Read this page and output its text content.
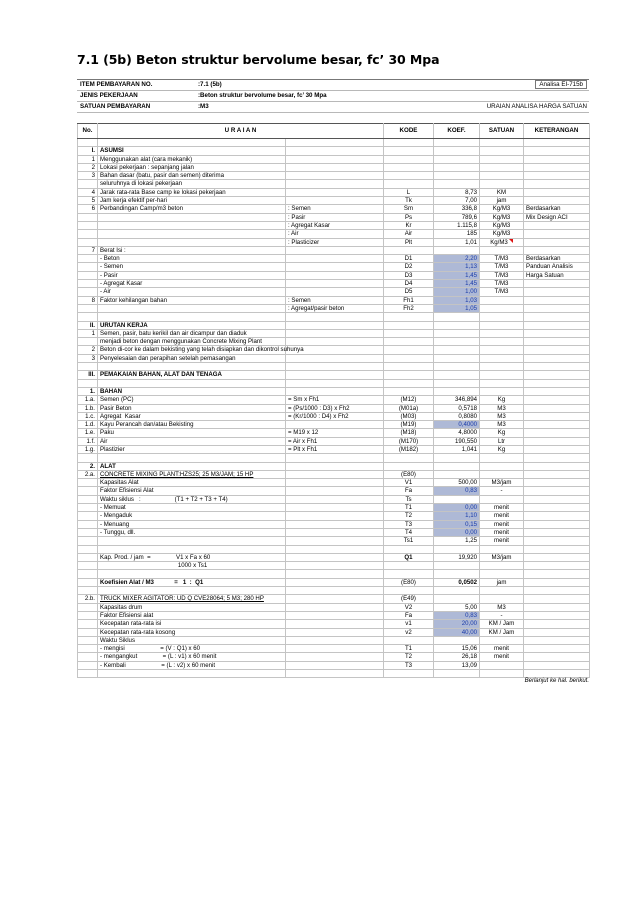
7.1 (5b) Beton struktur bervolume besar, fc’ 30 Mpa
ITEM PEMBAYARAN NO.	:7.1 (5b)	Analisa EI-715b
JENIS PEKERJAAN	:Beton struktur bervolume besar, fc’ 30 Mpa
SATUAN PEMBAYARAN	:M3	URAIAN ANALISA HARGA SATUAN
No.	U R A I A N		KODE	KOEF.	SATUAN	KETERANGAN

I.	ASUMSI					
1	Menggunakan alat (cara mekanik)					
2	Lokasi pekerjaan : sepanjang jalan					
3	Bahan dasar (batu, pasir dan semen) diterima					
	seluruhnya di lokasi pekerjaan					
4	Jarak rata-rata Base camp ke lokasi pekerjaan		L	8,73	KM	
5	Jam kerja efektif per-hari		Tk	7,00	jam	
6	Perbandingan Camp/m3 beton	: Semen	Sm	336,8	Kg/M3	Berdasarkan
		: Pasir	Ps	789,6	Kg/M3	Mix Design ACI
		: Agregat Kasar	Kr	1.115,8	Kg/M3	
		: Air	Air	185	Kg/M3	
		: Plasticizer	Plt	1,01	Kg/M3	
7	Berat Isi :					
	- Beton		D1	2,20	T/M3	Berdasarkan
	- Semen		D2	1,13	T/M3	Panduan Analisis
	- Pasir		D3	1,45	T/M3	Harga Satuan
	- Agregat Kasar		D4	1,45	T/M3	
	- Air		D5	1,00	T/M3	
8	Faktor kehilangan bahan	: Semen	Fh1	1,03		
		: Agregat/pasir beton	Fh2	1,05		

II.	URUTAN KERJA					
1	Semen, pasir, batu kerikil dan air dicampur dan diaduk					
	menjadi beton dengan menggunakan Concrete Mixing Plant					
2	Beton di-cor ke dalam bekisting yang telah disiapkan dan dikontrol suhunya					
3	Penyelesaian dan perapihan setelah pemasangan					

III.	PEMAKAIAN BAHAN, ALAT DAN TENAGA					

1.	BAHAN					
1.a.	Semen (PC)	= Sm x Fh1	(M12)	346,894	Kg	
1.b.	Pasir Beton	= (Ps/1000 : D3) x Fh2	(M01a)	0,5718	M3	
1.c.	Agregat  Kasar	= (Kr/1000 : D4) x Fh2	(M03)	0,8080	M3	
1.d.	Kayu Perancah dan/atau Bekisting		(M19)	0,4000	M3	
1.e.	Paku	= M19 x 12	(M18)	4,8000	Kg	
1.f.	Air	= Air x Fh1	(M170)	190,550	Ltr	
1.g.	Plastizier	= Plt x Fh1	(M182)	1,041	Kg	

2.	ALAT					
2.a.	CONCRETE MIXING PLANT:HZS25; 25 M3/JAM; 15 HP		(E80)			
	Kapasitas Alat		V1	500,00	M3/jam	
	Faktor Efisiensi Alat		Fa	0,83	-	
	Waktu siklus   :                    (T1 + T2 + T3 + T4)		Ts			
	- Memuat		T1	0,00	menit	
	- Mengaduk		T2	1,10	menit	
	- Menuang		T3	0,15	menit	
	- Tunggu, dll.		T4	0,00	menit	
			Ts1	1,25	menit	

	Kap. Prod. / jam  =               V1 x Fa x 60		Q1	19,920	M3/jam	
	1000 x Ts1					

	Koefisien Alat / M3            =   1  :  Q1		(E80)	0,0502	jam	

2.b.	TRUCK MIXER AGITATOR: UD Q CVE28064; 5 M3; 280 HP		(E49)			
	Kapasitas drum		V2	5,00	M3	
	Faktor Efisiensi alat		Fa	0,83	-	
	Kecepatan rata-rata isi		v1	20,00	KM / Jam	
	Kecepatan rata-rata kosong		v2	40,00	KM / Jam	
	Waktu Siklus					
	- mengisi                     = (V : Q1) x 60		T1	15,06	menit	
	- mengangkut               = (L : v1) x 60 menit		T2	26,18	menit	
	- Kembali                     = (L : v2) x 60 menit		T3	13,09		

Berlanjut ke hal. berikut.
